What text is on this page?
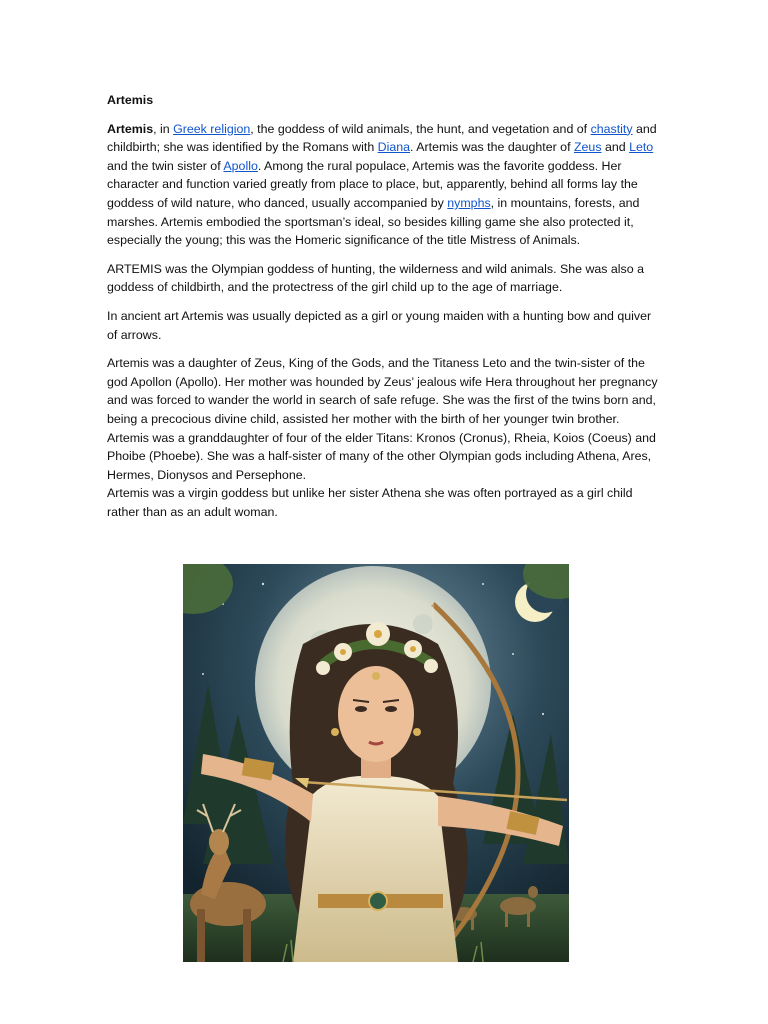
Artemis

Artemis, in Greek religion, the goddess of wild animals, the hunt, and vegetation and of chastity and childbirth; she was identified by the Romans with Diana. Artemis was the daughter of Zeus and Leto and the twin sister of Apollo. Among the rural populace, Artemis was the favorite goddess. Her character and function varied greatly from place to place, but, apparently, behind all forms lay the goddess of wild nature, who danced, usually accompanied by nymphs, in mountains, forests, and marshes. Artemis embodied the sportsman’s ideal, so besides killing game she also protected it, especially the young; this was the Homeric significance of the title Mistress of Animals.

ARTEMIS was the Olympian goddess of hunting, the wilderness and wild animals. She was also a goddess of childbirth, and the protectress of the girl child up to the age of marriage.

In ancient art Artemis was usually depicted as a girl or young maiden with a hunting bow and quiver of arrows.

Artemis was a daughter of Zeus, King of the Gods, and the Titaness Leto and the twin-sister of the god Apollon (Apollo). Her mother was hounded by Zeus’ jealous wife Hera throughout her pregnancy and was forced to wander the world in search of safe refuge. She was the first of the twins born and, being a precocious divine child, assisted her mother with the birth of her younger twin brother.

Artemis was a granddaughter of four of the elder Titans: Kronos (Cronus), Rheia, Koios (Coeus) and Phoibe (Phoebe). She was a half-sister of many of the other Olympian gods including Athena, Ares, Hermes, Dionysos and Persephone.

Artemis was a virgin goddess but unlike her sister Athena she was often portrayed as a girl child rather than as an adult woman.
